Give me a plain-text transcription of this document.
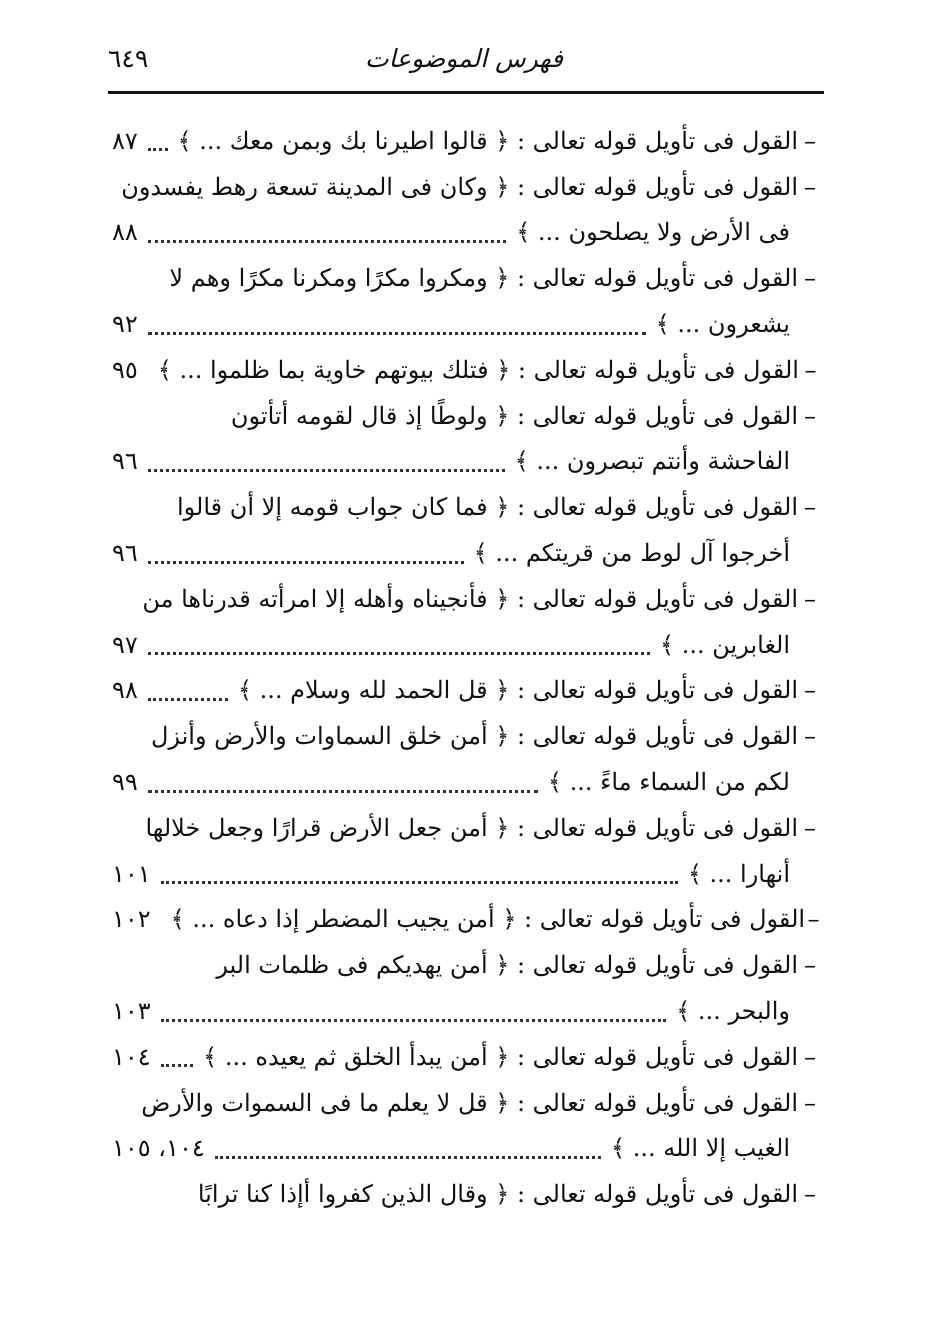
فهرس الموضوعات
٦٤٩
–
القول فى تأويل قوله تعالى : ﴿ قالوا اطيرنا بك وبمن معك ... ﴾
٨٧
–
القول فى تأويل قوله تعالى : ﴿ وكان فى المدينة تسعة رهط يفسدون
فى الأرض ولا يصلحون ... ﴾
٨٨
–
القول فى تأويل قوله تعالى : ﴿ ومكروا مكرًا ومكرنا مكرًا وهم لا
يشعرون ... ﴾
٩٢
–
القول فى تأويل قوله تعالى : ﴿ فتلك بيوتهم خاوية بما ظلموا ... ﴾
٩٥
–
القول فى تأويل قوله تعالى : ﴿ ولوطًا إذ قال لقومه أتأتون
الفاحشة وأنتم تبصرون ... ﴾
٩٦
–
القول فى تأويل قوله تعالى : ﴿ فما كان جواب قومه إلا أن قالوا
أخرجوا آل لوط من قريتكم ... ﴾
٩٦
–
القول فى تأويل قوله تعالى : ﴿ فأنجيناه وأهله إلا امرأته قدرناها من
الغابرين ... ﴾
٩٧
–
القول فى تأويل قوله تعالى : ﴿ قل الحمد لله وسلام ... ﴾
٩٨
–
القول فى تأويل قوله تعالى : ﴿ أمن خلق السماوات والأرض وأنزل
لكم من السماء ماءً ... ﴾
٩٩
–
القول فى تأويل قوله تعالى : ﴿ أمن جعل الأرض قرارًا وجعل خلالها
أنهارا ... ﴾
١٠١
–
القول فى تأويل قوله تعالى : ﴿ أمن يجيب المضطر إذا دعاه ... ﴾
١٠٢
–
القول فى تأويل قوله تعالى : ﴿ أمن يهديكم فى ظلمات البر
والبحر ... ﴾
١٠٣
–
القول فى تأويل قوله تعالى : ﴿ أمن يبدأ الخلق ثم يعيده ... ﴾
١٠٤
–
القول فى تأويل قوله تعالى : ﴿ قل لا يعلم ما فى السموات والأرض
الغيب إلا الله ... ﴾
١٠٤، ١٠٥
–
القول فى تأويل قوله تعالى : ﴿ وقال الذين كفروا أإذا كنا ترابًا
